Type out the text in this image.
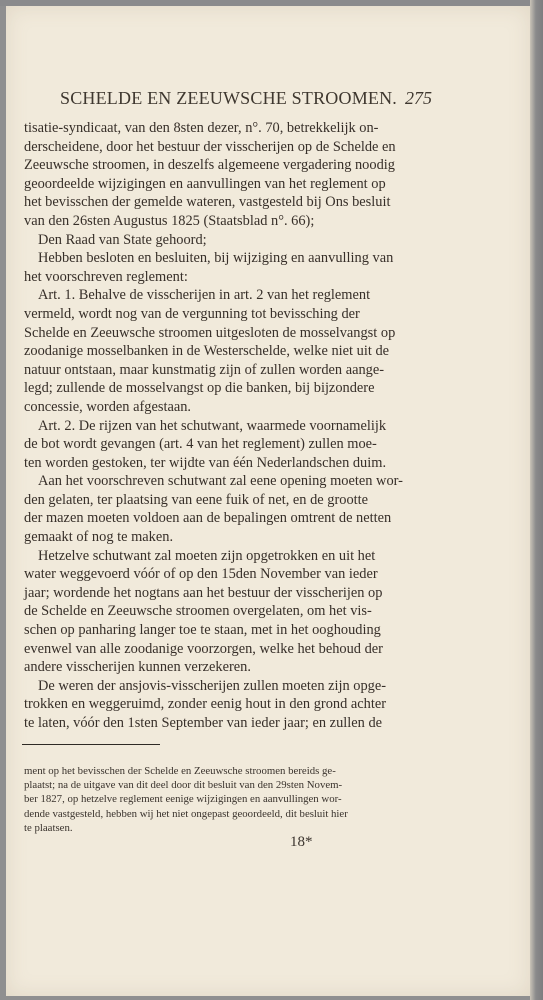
SCHELDE EN ZEEUWSCHE STROOMEN. 275
tisatie-syndicaat, van den 8sten dezer, n°. 70, betrekkelijk on-
derscheidene, door het bestuur der visscherijen op de Schelde en
Zeeuwsche stroomen, in deszelfs algemeene vergadering noodig
geoordeelde wijzigingen en aanvullingen van het reglement op
het bevisschen der gemelde wateren, vastgesteld bij Ons besluit
van den 26sten Augustus 1825 (Staatsblad n°. 66);
Den Raad van State gehoord;
Hebben besloten en besluiten, bij wijziging en aanvulling van
het voorschreven reglement:
Art. 1. Behalve de visscherijen in art. 2 van het reglement
vermeld, wordt nog van de vergunning tot bevissching der
Schelde en Zeeuwsche stroomen uitgesloten de mosselvangst op
zoodanige mosselbanken in de Westerschelde, welke niet uit de
natuur ontstaan, maar kunstmatig zijn of zullen worden aange-
legd; zullende de mosselvangst op die banken, bij bijzondere
concessie, worden afgestaan.
Art. 2. De rijzen van het schutwant, waarmede voornamelijk
de bot wordt gevangen (art. 4 van het reglement) zullen moe-
ten worden gestoken, ter wijdte van één Nederlandschen duim.
Aan het voorschreven schutwant zal eene opening moeten wor-
den gelaten, ter plaatsing van eene fuik of net, en de grootte
der mazen moeten voldoen aan de bepalingen omtrent de netten
gemaakt of nog te maken.
Hetzelve schutwant zal moeten zijn opgetrokken en uit het
water weggevoerd vóór of op den 15den November van ieder
jaar; wordende het nogtans aan het bestuur der visscherijen op
de Schelde en Zeeuwsche stroomen overgelaten, om het vis-
schen op panharing langer toe te staan, met in het ooghouding
evenwel van alle zoodanige voorzorgen, welke het behoud der
andere visscherijen kunnen verzekeren.
De weren der ansjovis-visscherijen zullen moeten zijn opge-
trokken en weggeruimd, zonder eenig hout in den grond achter
te laten, vóór den 1sten September van ieder jaar; en zullen de
ment op het bevisschen der Schelde en Zeeuwsche stroomen bereids ge-
plaatst; na de uitgave van dit deel door dit besluit van den 29sten Novem-
ber 1827, op hetzelve reglement eenige wijzigingen en aanvullingen wor-
dende vastgesteld, hebben wij het niet ongepast geoordeeld, dit besluit hier
te plaatsen.
18*
